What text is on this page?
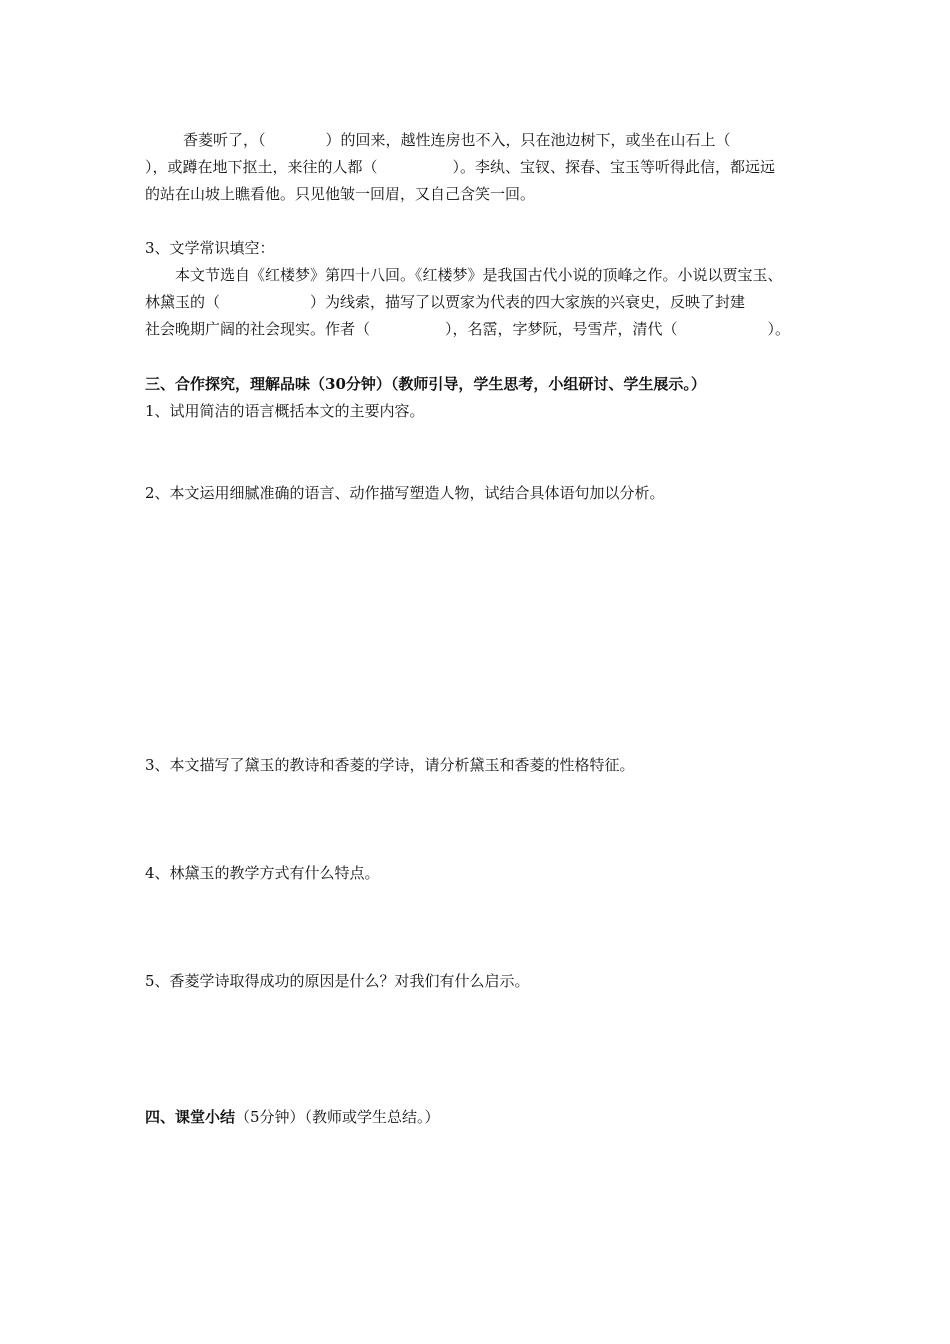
香菱听了，（　　　　）的回来，越性连房也不入，只在池边树下，或坐在山石上（

），或蹲在地下抠土，来往的人都（　　　　　）。李纨、宝钗、探春、宝玉等听得此信，都远远

的站在山坡上瞧看他。只见他皱一回眉，又自己含笑一回。

3、文学常识填空：

本文节选自《红楼梦》第四十八回。《红楼梦》是我国古代小说的顶峰之作。小说以贾宝玉、

林黛玉的（　　　　　　）为线索，描写了以贾家为代表的四大家族的兴衰史，反映了封建

社会晚期广阔的社会现实。作者（　　　　　），名霑，字梦阮，号雪芹，清代（　　　　　　）。

三、合作探究，理解品味（30分钟）（教师引导，学生思考，小组研讨、学生展示。）

1、试用简洁的语言概括本文的主要内容。

2、本文运用细腻准确的语言、动作描写塑造人物，试结合具体语句加以分析。

3、本文描写了黛玉的教诗和香菱的学诗，请分析黛玉和香菱的性格特征。

4、林黛玉的教学方式有什么特点。

5、香菱学诗取得成功的原因是什么？对我们有什么启示。

四、课堂小结（5分钟）（教师或学生总结。）
